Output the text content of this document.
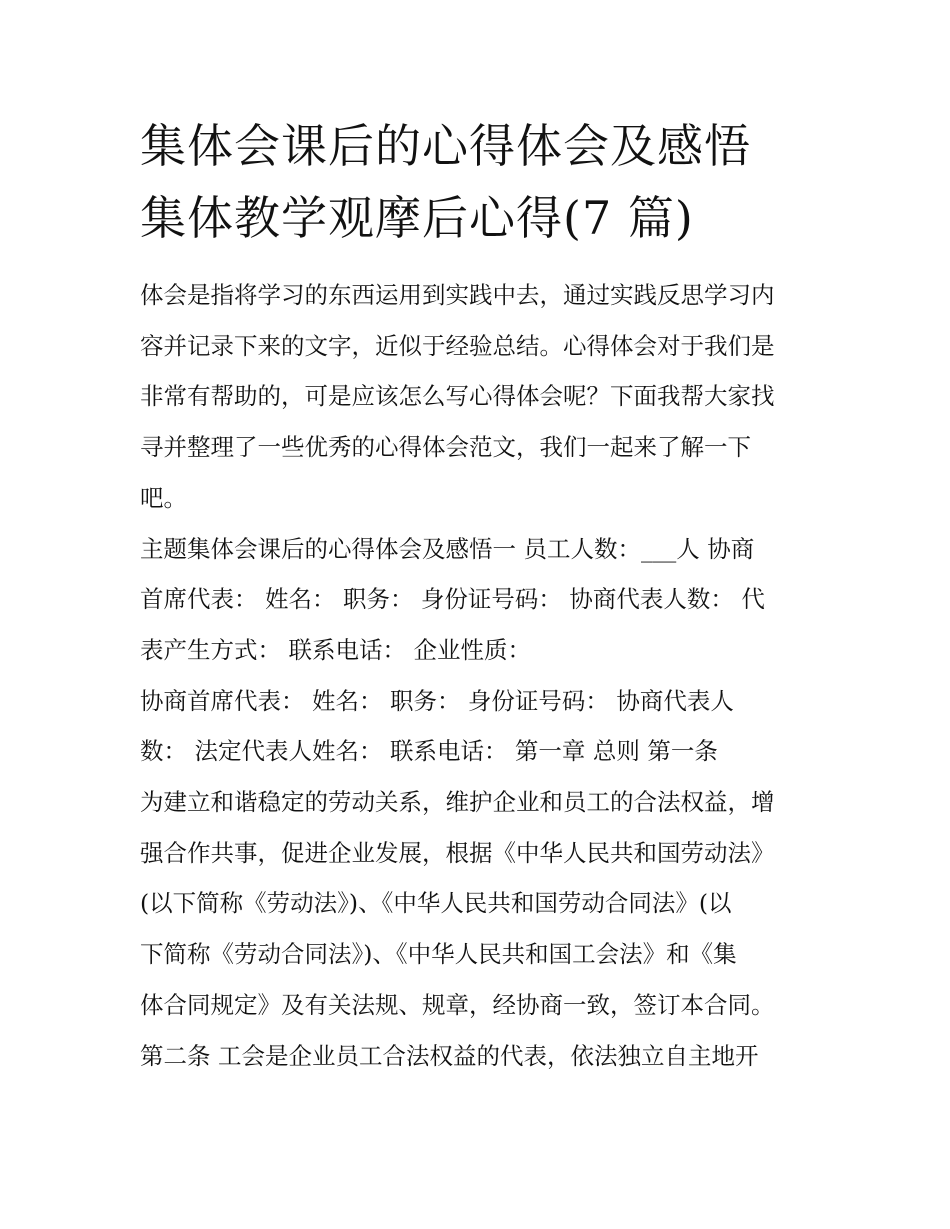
集体会课后的心得体会及感悟
集体教学观摩后心得(7 篇)
体会是指将学习的东西运用到实践中去，通过实践反思学习内
容并记录下来的文字，近似于经验总结。心得体会对于我们是
非常有帮助的，可是应该怎么写心得体会呢？下面我帮大家找
寻并整理了一些优秀的心得体会范文，我们一起来了解一下
吧。
主题集体会课后的心得体会及感悟一 员工人数：___人 协商
首席代表： 姓名： 职务： 身份证号码： 协商代表人数： 代
表产生方式： 联系电话： 企业性质：
协商首席代表： 姓名： 职务： 身份证号码： 协商代表人
数： 法定代表人姓名： 联系电话： 第一章 总则 第一条
为建立和谐稳定的劳动关系，维护企业和员工的合法权益，增
强合作共事，促进企业发展，根据《中华人民共和国劳动法》
(以下简称《劳动法》)、《中华人民共和国劳动合同法》(以
下简称《劳动合同法》)、《中华人民共和国工会法》和《集
体合同规定》及有关法规、规章，经协商一致，签订本合同。
第二条 工会是企业员工合法权益的代表，依法独立自主地开
